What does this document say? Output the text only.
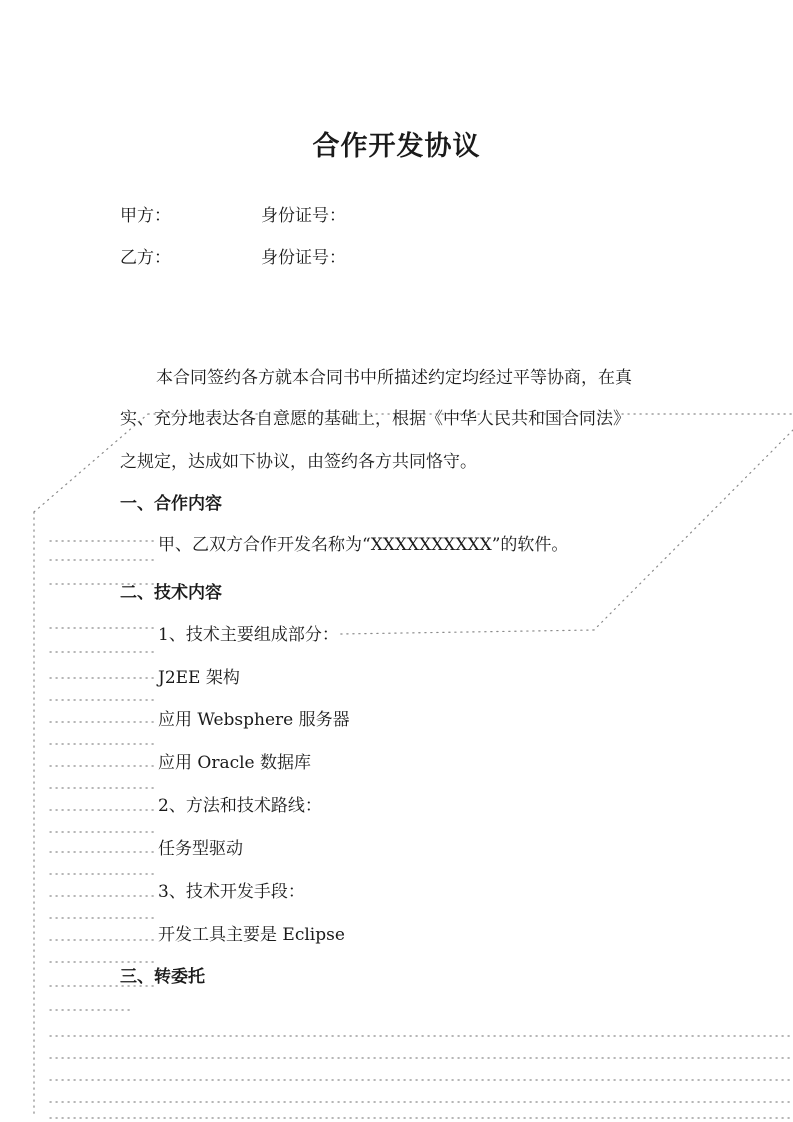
合作开发协议
甲方：	身份证号：
乙方：	身份证号：

本合同签约各方就本合同书中所描述约定均经过平等协商，在真

实、充分地表达各自意愿的基础上，根据《中华人民共和国合同法》

之规定，达成如下协议，由签约各方共同恪守。

一、合作内容

甲、乙双方合作开发名称为“XXXXXXXXXX”的软件。

二、技术内容

1、技术主要组成部分：

J2EE 架构

应用 Websphere 服务器

应用 Oracle 数据库

2、方法和技术路线：

任务型驱动

3、技术开发手段：

开发工具主要是 Eclipse

三、转委托
